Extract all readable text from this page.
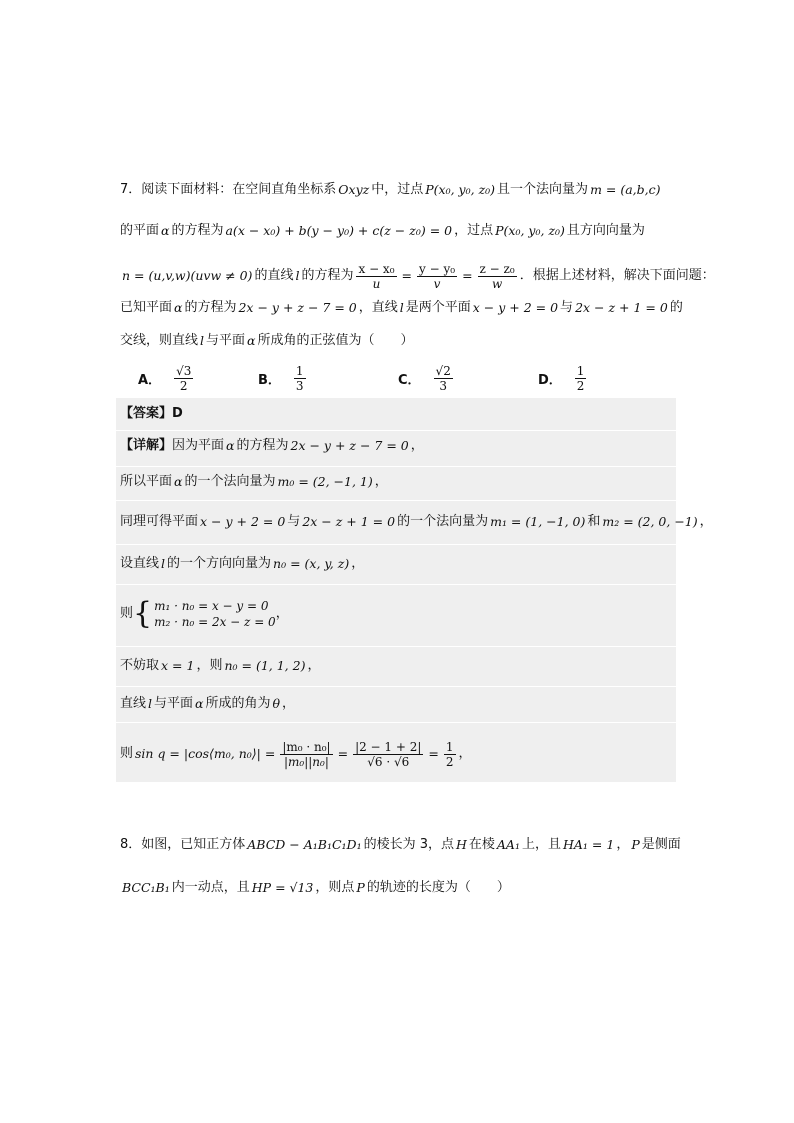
7．阅读下面材料：在空间直角坐标系 Oxyz 中，过点 P(x₀, y₀, z₀) 且一个法向量为 m = (a,b,c)
的平面 α 的方程为 a(x − x₀) + b(y − y₀) + c(z − z₀) = 0 ，过点 P(x₀, y₀, z₀) 且方向向量为
n = (u,v,w)(uvw ≠ 0) 的直线 l 的方程为 $\frac{\text{x − x₀}}{u} = \frac{\text{y − y₀}}{v} = \frac{\text{z − z₀}}{w}$ ．根据上述材料，解决下面问题：
已知平面 α 的方程为 2x − y + z − 7 = 0 ，直线 l 是两个平面 x − y + 2 = 0 与 2x − z + 1 = 0 的
交线，则直线 l 与平面 α 所成角的正弦值为（　　）
A． $\frac{√3}{2}$	B． $\frac{1}{3}$	C． $\frac{√2}{3}$	D． $\frac{1}{2}$
【答案】 D
【详解】 因为平面 α 的方程为 2x − y + z − 7 = 0 ，
所以平面 α 的一个法向量为 m₀ = (2, −1, 1) ，
同理可得平面 x − y + 2 = 0 与 2x − z + 1 = 0 的一个法向量为 m₁ = (1, −1, 0) 和 m₂ = (2, 0, −1) ，
设直线 l 的一个方向向量为 n₀ = (x, y, z) ，
则 { m₁ · n₀ = x − y = 0
m₂ · n₀ = 2x − z = 0
，
不妨取 x = 1 ，则 n₀ = (1, 1, 2) ，
直线 l 与平面 α 所成的角为 θ ，
则 sin q = |cos⟨m₀, n₀⟩| = $\frac{\text{|m₀ · n₀|}}{\text{|m₀||n₀|}} = \frac{|2 - 1 + 2|}{√6 \cdot √6} = \frac{1}{2}$ ，
8．如图，已知正方体 ABCD − A₁B₁C₁D₁ 的棱长为 3，点 H 在棱 AA₁ 上，且 HA₁ = 1 ， P 是侧面
BCC₁B₁ 内一动点，且 HP = √13 ，则点 P 的轨迹的长度为（　　）
